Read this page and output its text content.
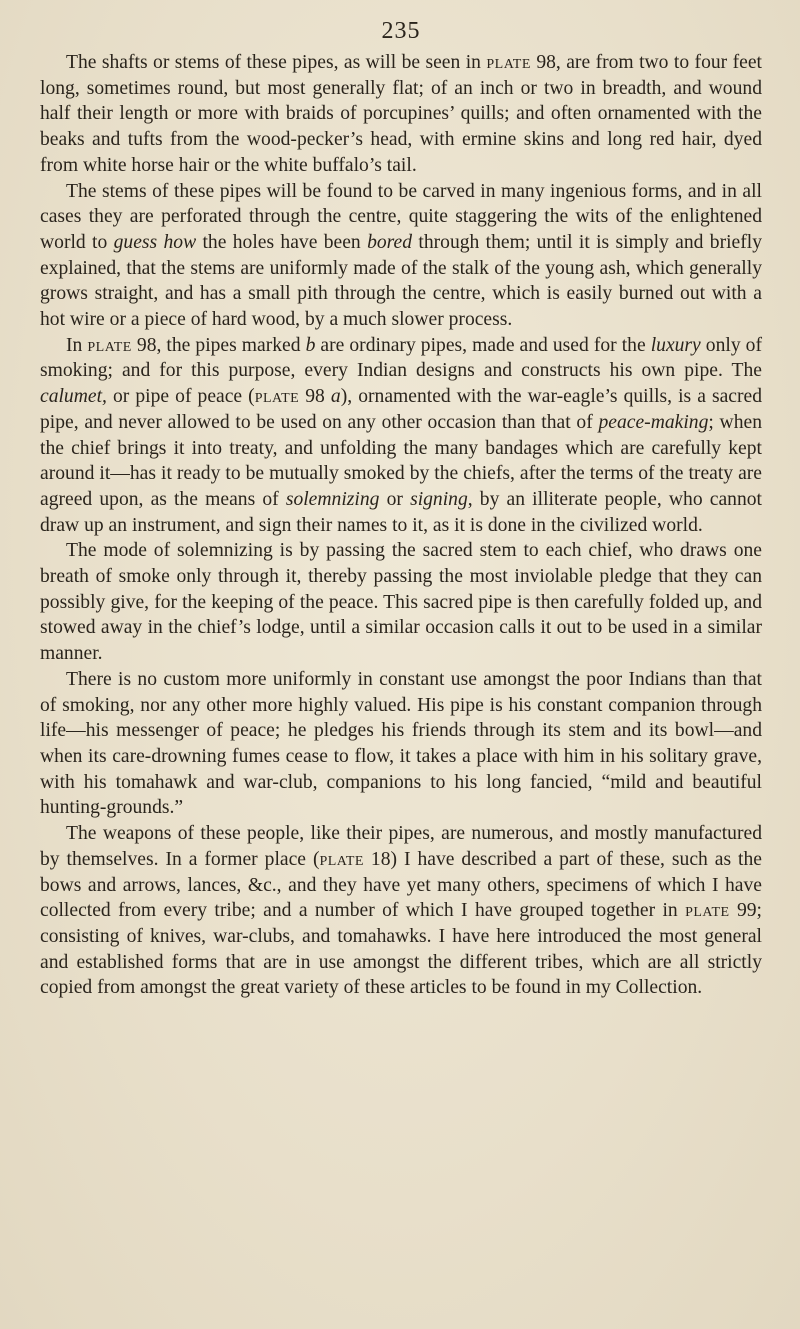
235

The shafts or stems of these pipes, as will be seen in plate 98, are from two to four feet long, sometimes round, but most generally flat; of an inch or two in breadth, and wound half their length or more with braids of porcupines’ quills; and often ornamented with the beaks and tufts from the wood-pecker’s head, with ermine skins and long red hair, dyed from white horse hair or the white buffalo’s tail.

The stems of these pipes will be found to be carved in many ingenious forms, and in all cases they are perforated through the centre, quite staggering the wits of the enlightened world to guess how the holes have been bored through them; until it is simply and briefly explained, that the stems are uniformly made of the stalk of the young ash, which generally grows straight, and has a small pith through the centre, which is easily burned out with a hot wire or a piece of hard wood, by a much slower process.

In plate 98, the pipes marked b are ordinary pipes, made and used for the luxury only of smoking; and for this purpose, every Indian designs and constructs his own pipe. The calumet, or pipe of peace (plate 98 a), ornamented with the war-eagle’s quills, is a sacred pipe, and never allowed to be used on any other occasion than that of peace-making; when the chief brings it into treaty, and unfolding the many bandages which are carefully kept around it—has it ready to be mutually smoked by the chiefs, after the terms of the treaty are agreed upon, as the means of solemnizing or signing, by an illiterate people, who cannot draw up an instrument, and sign their names to it, as it is done in the civilized world.

The mode of solemnizing is by passing the sacred stem to each chief, who draws one breath of smoke only through it, thereby passing the most inviolable pledge that they can possibly give, for the keeping of the peace. This sacred pipe is then carefully folded up, and stowed away in the chief’s lodge, until a similar occasion calls it out to be used in a similar manner.

There is no custom more uniformly in constant use amongst the poor Indians than that of smoking, nor any other more highly valued. His pipe is his constant companion through life—his messenger of peace; he pledges his friends through its stem and its bowl—and when its care-drowning fumes cease to flow, it takes a place with him in his solitary grave, with his tomahawk and war-club, companions to his long fancied, “mild and beautiful hunting-grounds.”

The weapons of these people, like their pipes, are numerous, and mostly manufactured by themselves. In a former place (plate 18) I have described a part of these, such as the bows and arrows, lances, &c., and they have yet many others, specimens of which I have collected from every tribe; and a number of which I have grouped together in plate 99; consisting of knives, war-clubs, and tomahawks. I have here introduced the most general and established forms that are in use amongst the different tribes, which are all strictly copied from amongst the great variety of these articles to be found in my Collection.
